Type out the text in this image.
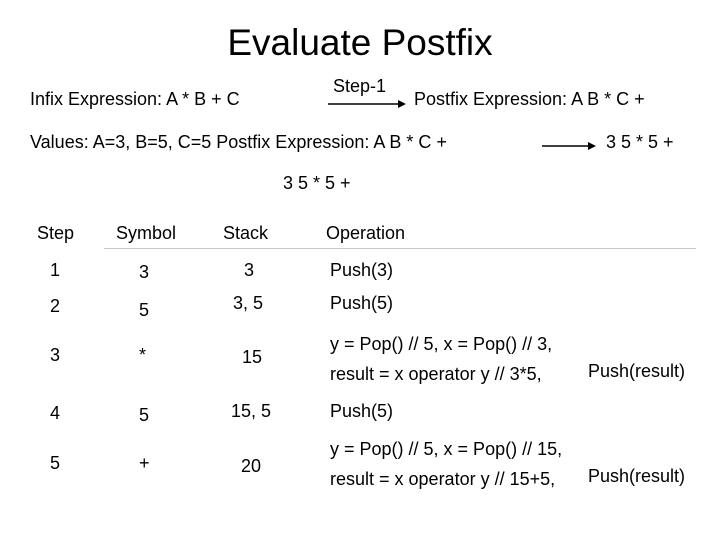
Evaluate Postfix
Infix Expression: A * B + C
Step-1
Postfix Expression: A B * C +
Values: A=3, B=5, C=5 Postfix Expression: A B * C +	3 5 * 5 +
3 5 * 5 +
Step Symbol	Stack	Operation
1	3	3	Push(3)
2	5	3, 5	Push(5)
3	*	15
y = Pop() // 5, x = Pop() // 3,
result = x operator y // 3*5,	Push(result)
4	5	15, 5	Push(5)
5	+	20
y = Pop() // 5, x = Pop() // 15,
result = x operator y // 15+5, Push(result)
